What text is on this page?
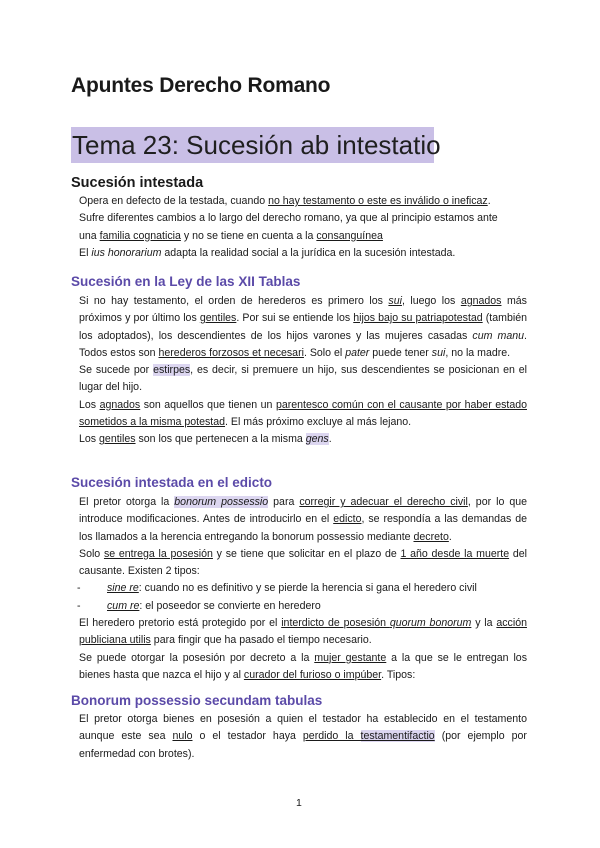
Apuntes Derecho Romano
Tema 23: Sucesión ab intestatio
Sucesión intestada

Opera en defecto de la testada, cuando no hay testamento o este es inválido o ineficaz.

Sufre diferentes cambios a lo largo del derecho romano, ya que al principio estamos ante
una familia cognaticia y no se tiene en cuenta a la consanguínea

El ius honorarium adapta la realidad social a la jurídica en la sucesión intestada.

Sucesión en la Ley de las XII Tablas

Si no hay testamento, el orden de herederos es primero los sui, luego los agnados más próximos y por último los gentiles. Por sui se entiende los hijos bajo su patriapotestad (también los adoptados), los descendientes de los hijos varones y las mujeres casadas cum manu. Todos estos son herederos forzosos et necesari. Solo el pater puede tener sui, no la madre.

Se sucede por estirpes, es decir, si premuere un hijo, sus descendientes se posicionan en el lugar del hijo.

Los agnados son aquellos que tienen un parentesco común con el causante por haber estado sometidos a la misma potestad. El más próximo excluye al más lejano.

Los gentiles son los que pertenecen a la misma gens.

Sucesión intestada en el edicto

El pretor otorga la bonorum possessio para corregir y adecuar el derecho civil, por lo que introduce modificaciones. Antes de introducirlo en el edicto, se respondía a las demandas de los llamados a la herencia entregando la bonorum possessio mediante decreto.

Solo se entrega la posesión y se tiene que solicitar en el plazo de 1 año desde la muerte del causante. Existen 2 tipos:

- sine re: cuando no es definitivo y se pierde la herencia si gana el heredero civil

- cum re: el poseedor se convierte en heredero

El heredero pretorio está protegido por el interdicto de posesión quorum bonorum y la acción publiciana utilis para fingir que ha pasado el tiempo necesario.

Se puede otorgar la posesión por decreto a la mujer gestante a la que se le entregan los bienes hasta que nazca el hijo y al curador del furioso o impúber. Tipos:

Bonorum possessio secundam tabulas

El pretor otorga bienes en posesión a quien el testador ha establecido en el testamento aunque este sea nulo o el testador haya perdido la testamentifactio (por ejemplo por enfermedad con brotes).

1
